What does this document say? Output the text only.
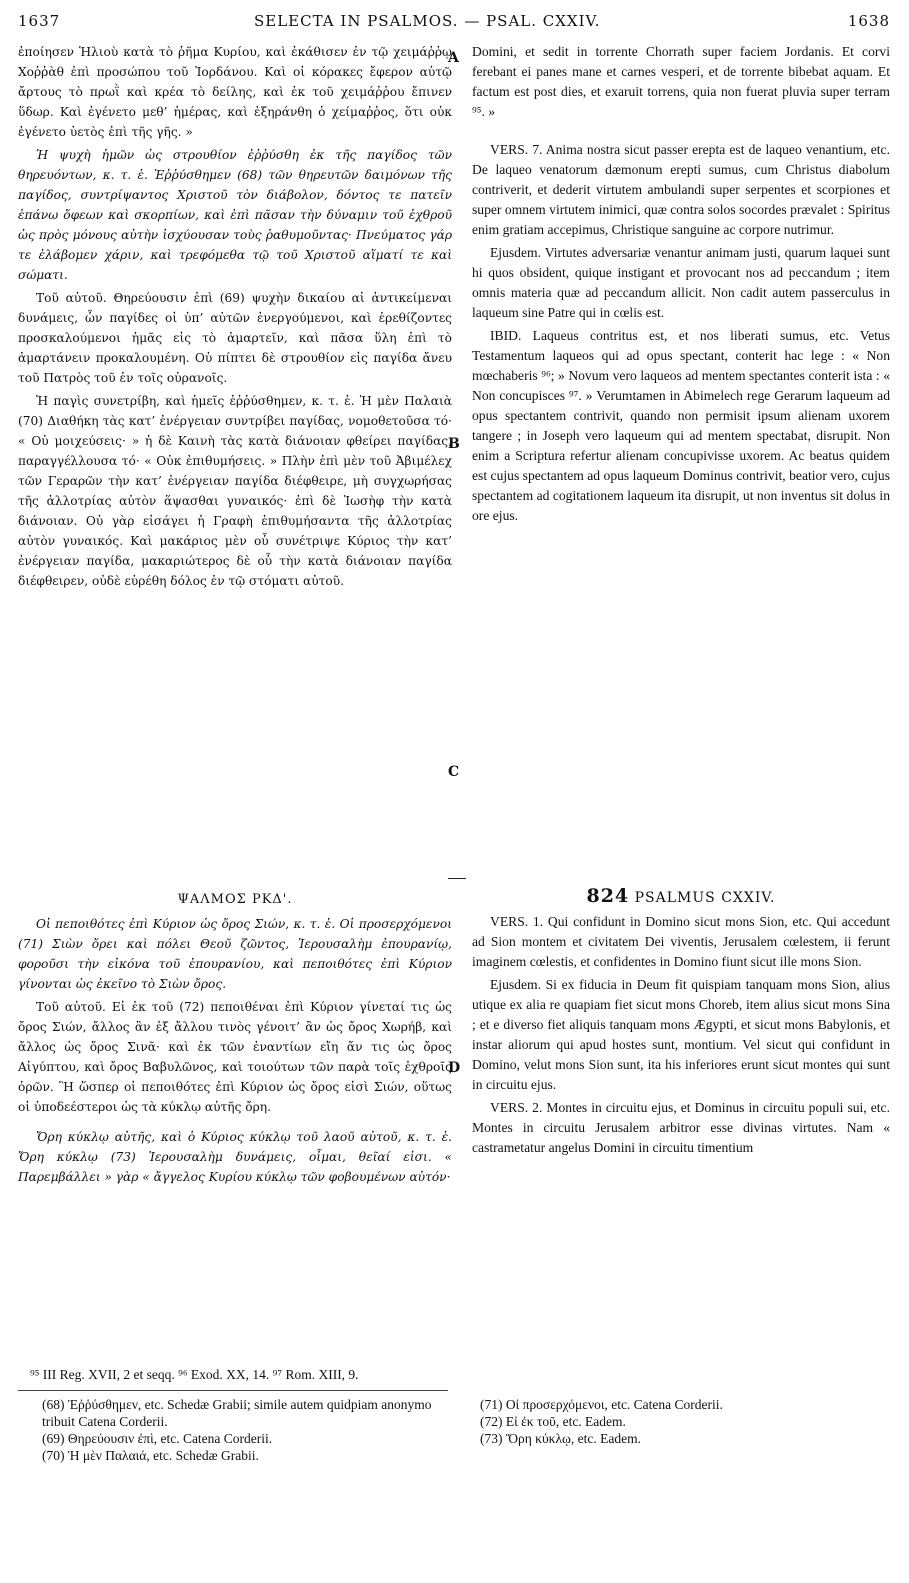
1637	SELECTA IN PSALMOS. — PSAL. CXXIV.	1638

ἐποίησεν Ἡλιοὺ κατὰ τὸ ῥῆμα Κυρίου, καὶ ἐκάθισεν ἐν τῷ χειμάῤῥῳ Χοῤῥὰθ ἐπὶ προσώπου τοῦ Ἰορδάνου. Καὶ οἱ κόρακες ἔφερον αὐτῷ ἄρτους τὸ πρωῒ καὶ κρέα τὸ δείλης, καὶ ἐκ τοῦ χειμάῤῥου ἔπινεν ὕδωρ. Καὶ ἐγένετο μεθ’ ἡμέρας, καὶ ἐξηράνθη ὁ χείμαῤῥος, ὅτι οὐκ ἐγένετο ὑετὸς ἐπὶ τῆς γῆς. »

Ἡ ψυχὴ ἡμῶν ὡς στρουθίον ἐῤῥύσθη ἐκ τῆς παγίδος τῶν θηρευόντων, κ. τ. ἑ. Ἐῤῥύσθημεν (68) τῶν θηρευτῶν δαιμόνων τῆς παγίδος, συντρίψαντος Χριστοῦ τὸν διάβολον, δόντος τε πατεῖν ἐπάνω ὄφεων καὶ σκορπίων, καὶ ἐπὶ πᾶσαν τὴν δύναμιν τοῦ ἐχθροῦ ὡς πρὸς μόνους αὐτὴν ἰσχύουσαν τοὺς ῥαθυμοῦντας· Πνεύματος γάρ τε ἐλάβομεν χάριν, καὶ τρεφόμεθα τῷ τοῦ Χριστοῦ αἵματί τε καὶ σώματι.

Τοῦ αὐτοῦ. Θηρεύουσιν ἐπὶ (69) ψυχὴν δικαίου αἱ ἀντικείμεναι δυνάμεις, ὧν παγίδες οἱ ὑπ’ αὐτῶν ἐνεργούμενοι, καὶ ἐρεθίζοντες προσκαλούμενοι ἡμᾶς εἰς τὸ ἁμαρτεῖν, καὶ πᾶσα ὕλη ἐπὶ τὸ ἁμαρτάνειν προκαλουμένη. Οὐ πίπτει δὲ στρουθίον εἰς παγίδα ἄνευ τοῦ Πατρὸς τοῦ ἐν τοῖς οὐρανοῖς.

Ἡ παγὶς συνετρίβη, καὶ ἡμεῖς ἐῤῥύσθημεν, κ. τ. ἑ. Ἡ μὲν Παλαιὰ (70) Διαθήκη τὰς κατ’ ἐνέργειαν συντρίβει παγίδας, νομοθετοῦσα τό· « Οὐ μοιχεύσεις· » ἡ δὲ Καινὴ τὰς κατὰ διάνοιαν φθείρει παγίδας, παραγγέλλουσα τό· « Οὐκ ἐπιθυμήσεις. » Πλὴν ἐπὶ μὲν τοῦ Ἀβιμέλεχ τῶν Γεραρῶν τὴν κατ’ ἐνέργειαν παγίδα διέφθειρε, μὴ συγχωρήσας τῆς ἀλλοτρίας αὐτὸν ἅψασθαι γυναικός· ἐπὶ δὲ Ἰωσὴφ τὴν κατὰ διάνοιαν. Οὐ γὰρ εἰσάγει ἡ Γραφὴ ἐπιθυμήσαντα τῆς ἀλλοτρίας αὐτὸν γυναικός. Καὶ μακάριος μὲν οὗ συνέτριψε Κύριος τὴν κατ’ ἐνέργειαν παγίδα, μακαριώτερος δὲ οὗ τὴν κατὰ διάνοιαν παγίδα διέφθειρεν, οὐδὲ εὑρέθη δόλος ἐν τῷ στόματι αὐτοῦ.

Domini, et sedit in torrente Chorrath super faciem Jordanis. Et corvi ferebant ei panes mane et carnes vesperi, et de torrente bibebat aquam. Et factum est post dies, et exaruit torrens, quia non fuerat pluvia super terram ⁹⁵. »

VERS. 7. Anima nostra sicut passer erepta est de laqueo venantium, etc. De laqueo venatorum dæmonum erepti sumus, cum Christus diabolum contriverit, et dederit virtutem ambulandi super serpentes et scorpiones et super omnem virtutem inimici, quæ contra solos socordes prævalet : Spiritus enim gratiam accepimus, Christique sanguine ac corpore nutrimur.

Ejusdem. Virtutes adversariæ venantur animam justi, quarum laquei sunt hi quos obsident, quique instigant et provocant nos ad peccandum ; item omnis materia quæ ad peccandum allicit. Non cadit autem passerculus in laqueum sine Patre qui in cœlis est.

IBID. Laqueus contritus est, et nos liberati sumus, etc. Vetus Testamentum laqueos qui ad opus spectant, conterit hac lege : « Non mœchaberis ⁹⁶; » Novum vero laqueos ad mentem spectantes conterit ista : « Non concupisces ⁹⁷. » Verumtamen in Abimelech rege Gerarum laqueum ad opus spectantem contrivit, quando non permisit ipsum alienam uxorem tangere ; in Joseph vero laqueum qui ad mentem spectabat, disrupit. Non enim a Scriptura refertur alienam concupivisse uxorem. Ac beatus quidem est cujus spectantem ad opus laqueum Dominus contrivit, beatior vero, cujus spectantem ad cogitationem laqueum ita disrupit, ut non inventus sit dolus in ore ejus.

A
B
C
D
ΨΑΛΜΟΣ ΡΚΔ'.

Οἱ πεποιθότες ἐπὶ Κύριον ὡς ὄρος Σιών, κ. τ. ἑ. Οἱ προσερχόμενοι (71) Σιὼν ὄρει καὶ πόλει Θεοῦ ζῶντος, Ἱερουσαλὴμ ἐπουρανίῳ, φοροῦσι τὴν εἰκόνα τοῦ ἐπουρανίου, καὶ πεποιθότες ἐπὶ Κύριον γίνονται ὡς ἐκεῖνο τὸ Σιὼν ὄρος.

Τοῦ αὐτοῦ. Εἰ ἐκ τοῦ (72) πεποιθέναι ἐπὶ Κύριον γίνεταί τις ὡς ὄρος Σιών, ἄλλος ἂν ἐξ ἄλλου τινὸς γένοιτ’ ἂν ὡς ὄρος Χωρήβ, καὶ ἄλλος ὡς ὄρος Σινᾶ· καὶ ἐκ τῶν ἐναντίων εἴη ἄν τις ὡς ὄρος Αἰγύπτου, καὶ ὄρος Βαβυλῶνος, καὶ τοιούτων τῶν παρὰ τοῖς ἐχθροῖς ὀρῶν. Ἢ ὥσπερ οἱ πεποιθότες ἐπὶ Κύριον ὡς ὄρος εἰσὶ Σιών, οὕτως οἱ ὑποδεέστεροι ὡς τὰ κύκλῳ αὐτῆς ὄρη.

Ὄρη κύκλῳ αὐτῆς, καὶ ὁ Κύριος κύκλῳ τοῦ λαοῦ αὐτοῦ, κ. τ. ἑ. Ὄρη κύκλῳ (73) Ἱερουσαλὴμ δυνάμεις, οἶμαι, θεῖαί εἰσι. « Παρεμβάλλει » γὰρ « ἄγγελος Κυρίου κύκλῳ τῶν φοβουμένων αὐτόν·

824 PSALMUS CXXIV.

VERS. 1. Qui confidunt in Domino sicut mons Sion, etc. Qui accedunt ad Sion montem et civitatem Dei viventis, Jerusalem cœlestem, ii ferunt imaginem cœlestis, et confidentes in Domino fiunt sicut ille mons Sion.

Ejusdem. Si ex fiducia in Deum fit quispiam tanquam mons Sion, alius utique ex alia re quapiam fiet sicut mons Choreb, item alius sicut mons Sina ; et e diverso fiet aliquis tanquam mons Ægypti, et sicut mons Babylonis, et instar aliorum qui apud hostes sunt, montium. Vel sicut qui confidunt in Domino, velut mons Sion sunt, ita his inferiores erunt sicut montes qui sunt in circuitu ejus.

VERS. 2. Montes in circuitu ejus, et Dominus in circuitu populi sui, etc. Montes in circuitu Jerusalem arbitror esse divinas virtutes. Nam « castrametatur angelus Domini in circuitu timentium

⁹⁵ III Reg. XVII, 2 et seqq. ⁹⁶ Exod. XX, 14. ⁹⁷ Rom. XIII, 9.
(68) Ἐῤῥύσθημεν, etc. Schedæ Grabii; simile autem quidpiam anonymo tribuit Catena Corderii.
(69) Θηρεύουσιν ἐπὶ, etc. Catena Corderii.
(70) Ἡ μὲν Παλαιά, etc. Schedæ Grabii.
(71) Οἱ προσερχόμενοι, etc. Catena Corderii.
(72) Εἰ ἐκ τοῦ, etc. Eadem.
(73) Ὄρη κύκλῳ, etc. Eadem.
